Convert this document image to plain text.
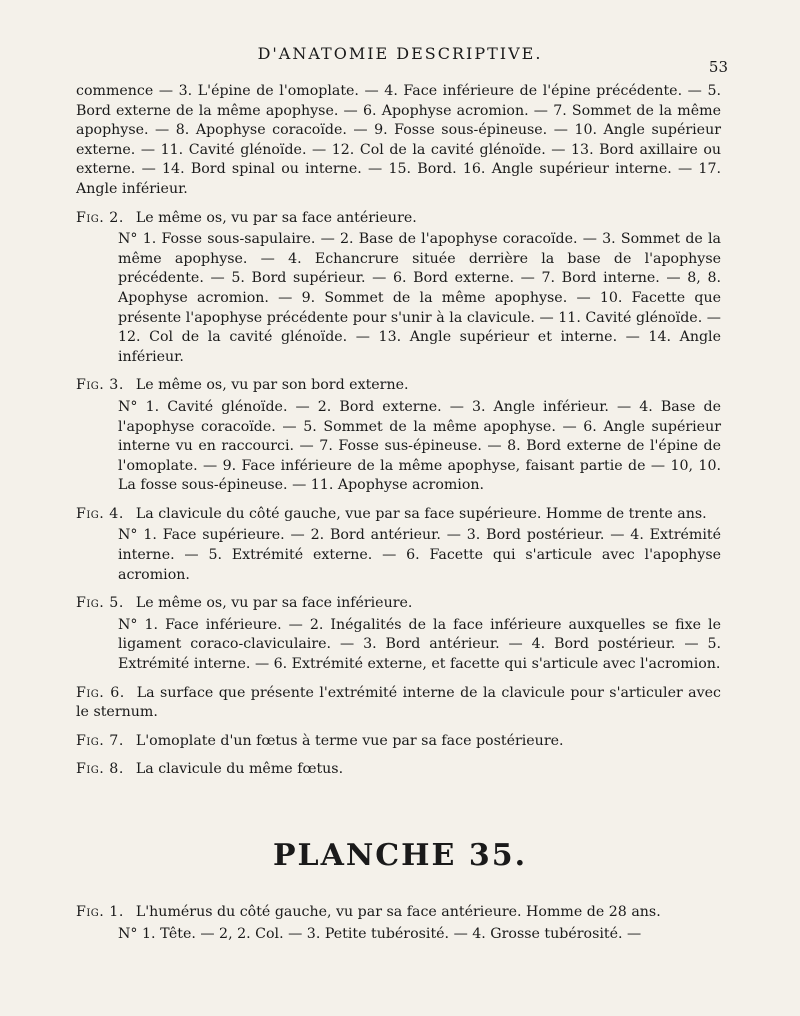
D'ANATOMIE DESCRIPTIVE.
53

commence — 3. L'épine de l'omoplate. — 4. Face inférieure de l'épine précédente. — 5. Bord externe de la même apophyse. — 6. Apophyse acromion. — 7. Sommet de la même apophyse. — 8. Apophyse coracoïde. — 9. Fosse sous-épineuse. — 10. Angle supérieur externe. — 11. Cavité glénoïde. — 12. Col de la cavité glénoïde. — 13. Bord axillaire ou externe. — 14. Bord spinal ou interne. — 15. Bord. 16. Angle supérieur interne. — 17. Angle inférieur.

Fig. 2. Le même os, vu par sa face antérieure.

N° 1. Fosse sous-sapulaire. — 2. Base de l'apophyse coracoïde. — 3. Sommet de la même apophyse. — 4. Echancrure située derrière la base de l'apophyse précédente. — 5. Bord supérieur. — 6. Bord externe. — 7. Bord interne. — 8, 8. Apophyse acromion. — 9. Sommet de la même apophyse. — 10. Facette que présente l'apophyse précédente pour s'unir à la clavicule. — 11. Cavité glénoïde. — 12. Col de la cavité glénoïde. — 13. Angle supérieur et interne. — 14. Angle inférieur.

Fig. 3. Le même os, vu par son bord externe.

N° 1. Cavité glénoïde. — 2. Bord externe. — 3. Angle inférieur. — 4. Base de l'apophyse coracoïde. — 5. Sommet de la même apophyse. — 6. Angle supérieur interne vu en raccourci. — 7. Fosse sus-épineuse. — 8. Bord externe de l'épine de l'omoplate. — 9. Face inférieure de la même apophyse, faisant partie de — 10, 10. La fosse sous-épineuse. — 11. Apophyse acromion.

Fig. 4. La clavicule du côté gauche, vue par sa face supérieure. Homme de trente ans.

N° 1. Face supérieure. — 2. Bord antérieur. — 3. Bord postérieur. — 4. Extrémité interne. — 5. Extrémité externe. — 6. Facette qui s'articule avec l'apophyse acromion.

Fig. 5. Le même os, vu par sa face inférieure.

N° 1. Face inférieure. — 2. Inégalités de la face inférieure auxquelles se fixe le ligament coraco-claviculaire. — 3. Bord antérieur. — 4. Bord postérieur. — 5. Extrémité interne. — 6. Extrémité externe, et facette qui s'articule avec l'acromion.

Fig. 6. La surface que présente l'extrémité interne de la clavicule pour s'articuler avec le sternum.

Fig. 7. L'omoplate d'un fœtus à terme vue par sa face postérieure.

Fig. 8. La clavicule du même fœtus.

PLANCHE 35.

Fig. 1. L'humérus du côté gauche, vu par sa face antérieure. Homme de 28 ans.

N° 1. Tête. — 2, 2. Col. — 3. Petite tubérosité. — 4. Grosse tubérosité. —
